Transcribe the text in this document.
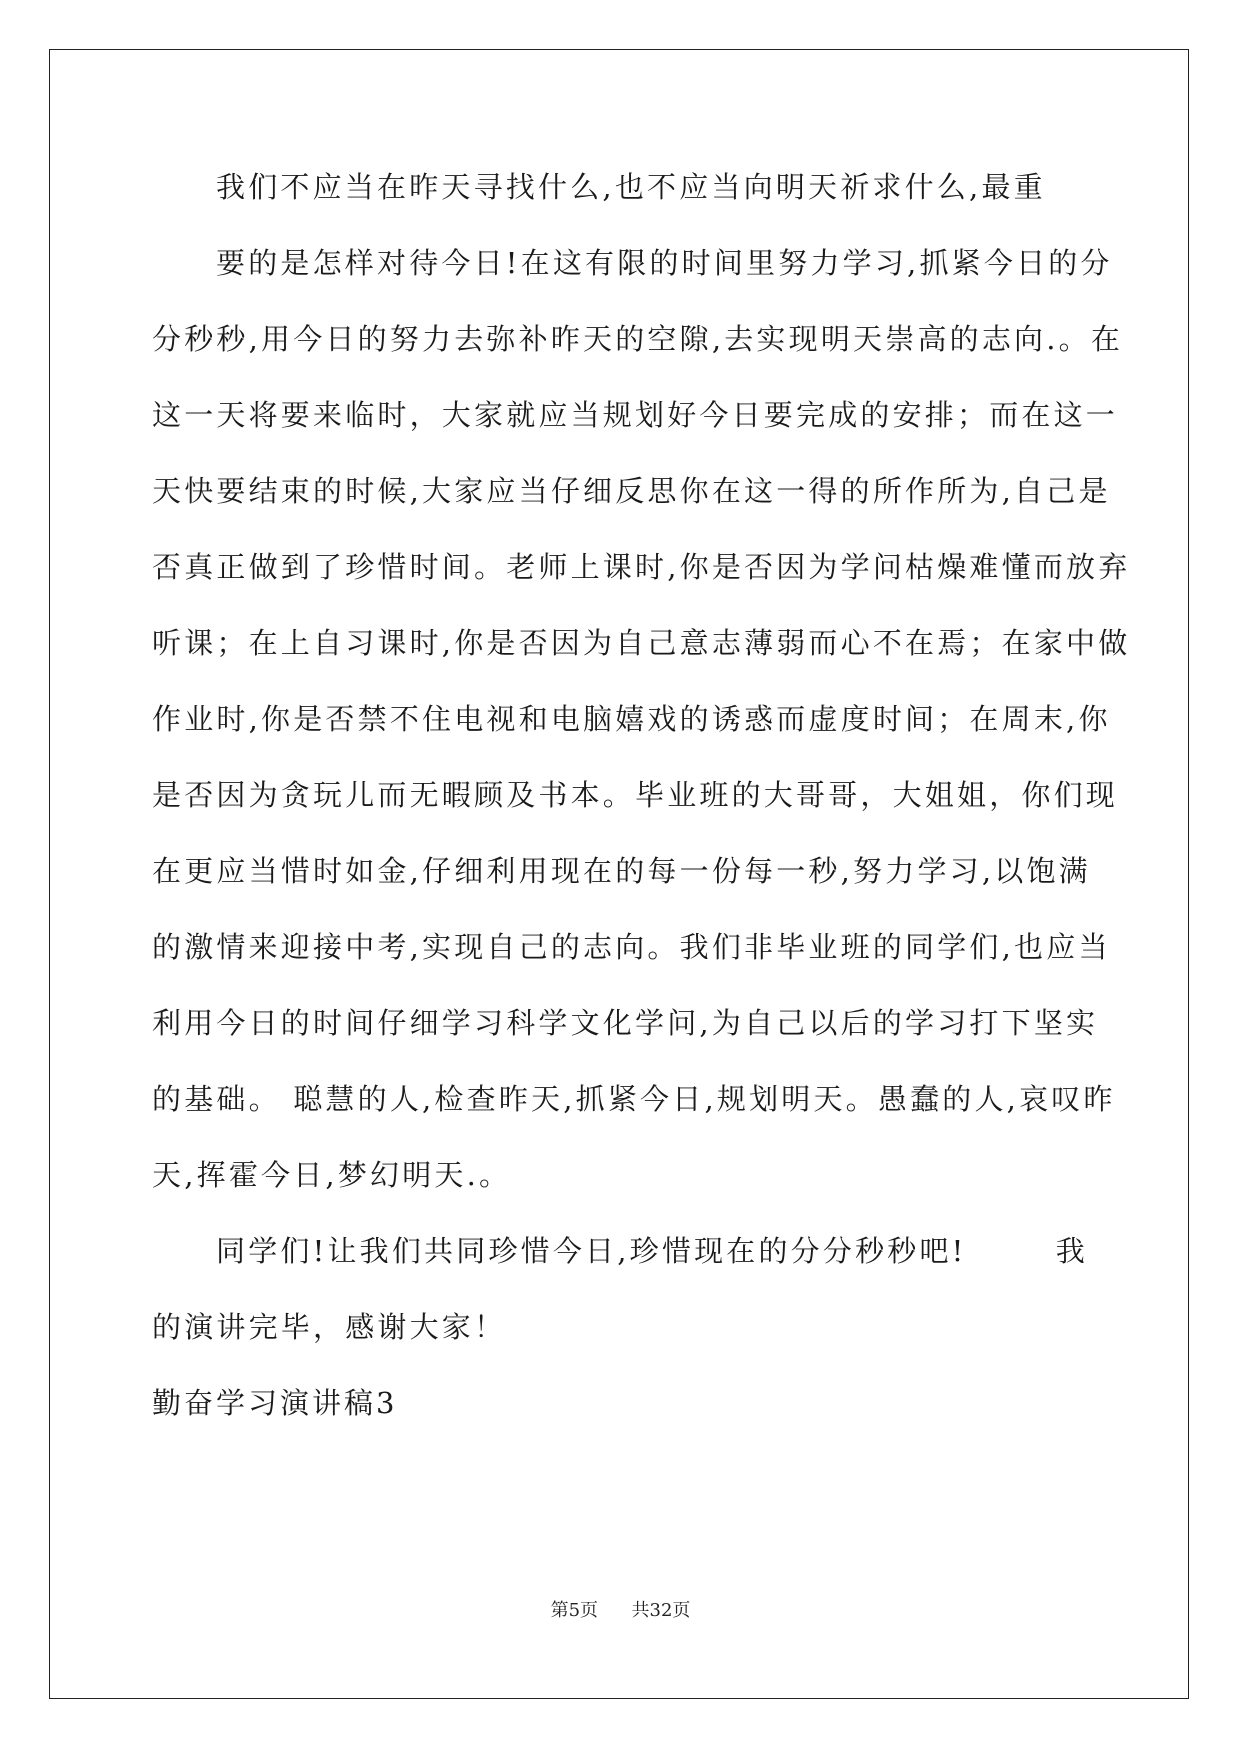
我们不应当在昨天寻找什么,也不应当向明天祈求什么,最重
要的是怎样对待今日!在这有限的时间里努力学习,抓紧今日的分
分秒秒,用今日的努力去弥补昨天的空隙,去实现明天崇高的志向.。在
这一天将要来临时，大家就应当规划好今日要完成的安排；而在这一
天快要结束的时候,大家应当仔细反思你在这一得的所作所为,自己是
否真正做到了珍惜时间。老师上课时,你是否因为学问枯燥难懂而放弃
听课；在上自习课时,你是否因为自己意志薄弱而心不在焉；在家中做
作业时,你是否禁不住电视和电脑嬉戏的诱惑而虚度时间；在周末,你
是否因为贪玩儿而无暇顾及书本。毕业班的大哥哥，大姐姐，你们现
在更应当惜时如金,仔细利用现在的每一份每一秒,努力学习,以饱满
的激情来迎接中考,实现自己的志向。我们非毕业班的同学们,也应当
利用今日的时间仔细学习科学文化学问,为自己以后的学习打下坚实
的基础。 聪慧的人,检查昨天,抓紧今日,规划明天。愚蠢的人,哀叹昨
天,挥霍今日,梦幻明天.。
同学们!让我们共同珍惜今日,珍惜现在的分分秒秒吧!	我
的演讲完毕，感谢大家！
勤奋学习演讲稿3
第5页 共32页
